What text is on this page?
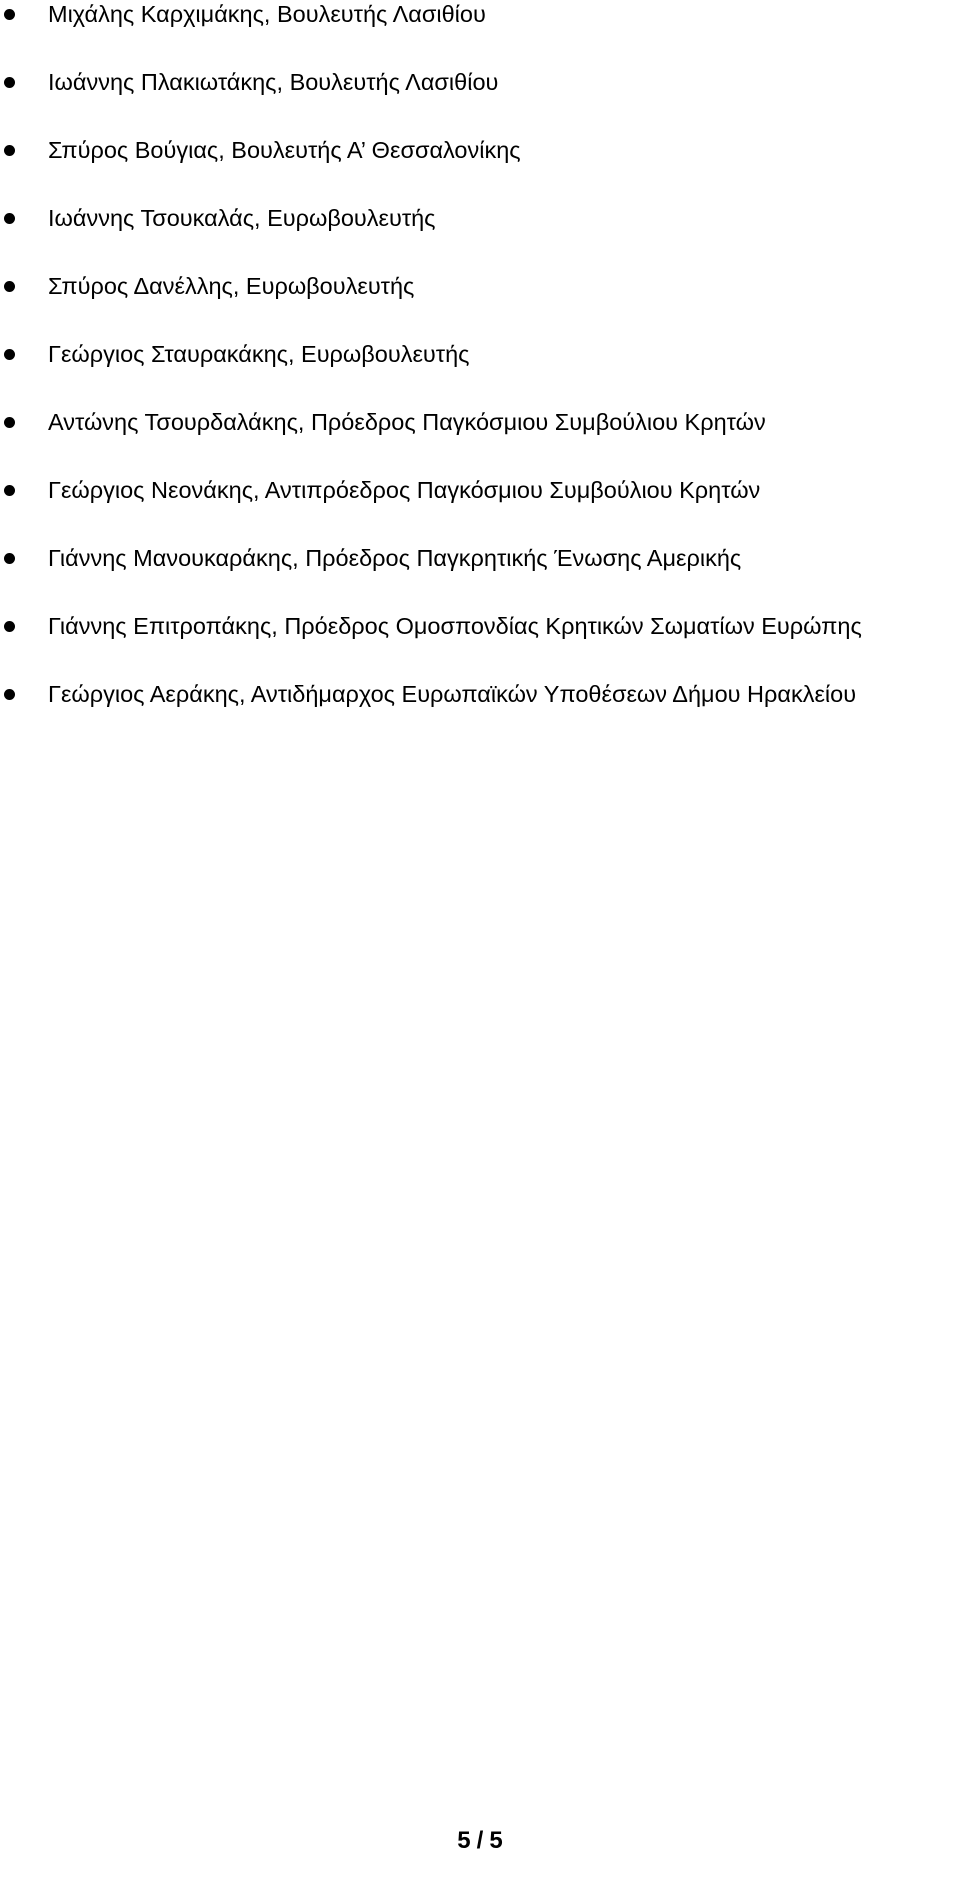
Μιχάλης Καρχιμάκης, Βουλευτής Λασιθίου
Ιωάννης Πλακιωτάκης, Βουλευτής Λασιθίου
Σπύρος Βούγιας, Βουλευτής Α’ Θεσσαλονίκης
Ιωάννης Τσουκαλάς, Ευρωβουλευτής
Σπύρος Δανέλλης, Ευρωβουλευτής
Γεώργιος Σταυρακάκης, Ευρωβουλευτής
Αντώνης Τσουρδαλάκης, Πρόεδρος Παγκόσμιου Συμβούλιου Κρητών
Γεώργιος Νεονάκης, Αντιπρόεδρος Παγκόσμιου Συμβούλιου Κρητών
Γιάννης Μανουκαράκης, Πρόεδρος Παγκρητικής Ένωσης Αμερικής
Γιάννης Επιτροπάκης, Πρόεδρος Ομοσπονδίας Κρητικών Σωματίων Ευρώπης
Γεώργιος Αεράκης, Αντιδήμαρχος Ευρωπαϊκών Υποθέσεων Δήμου Ηρακλείου
5 / 5
